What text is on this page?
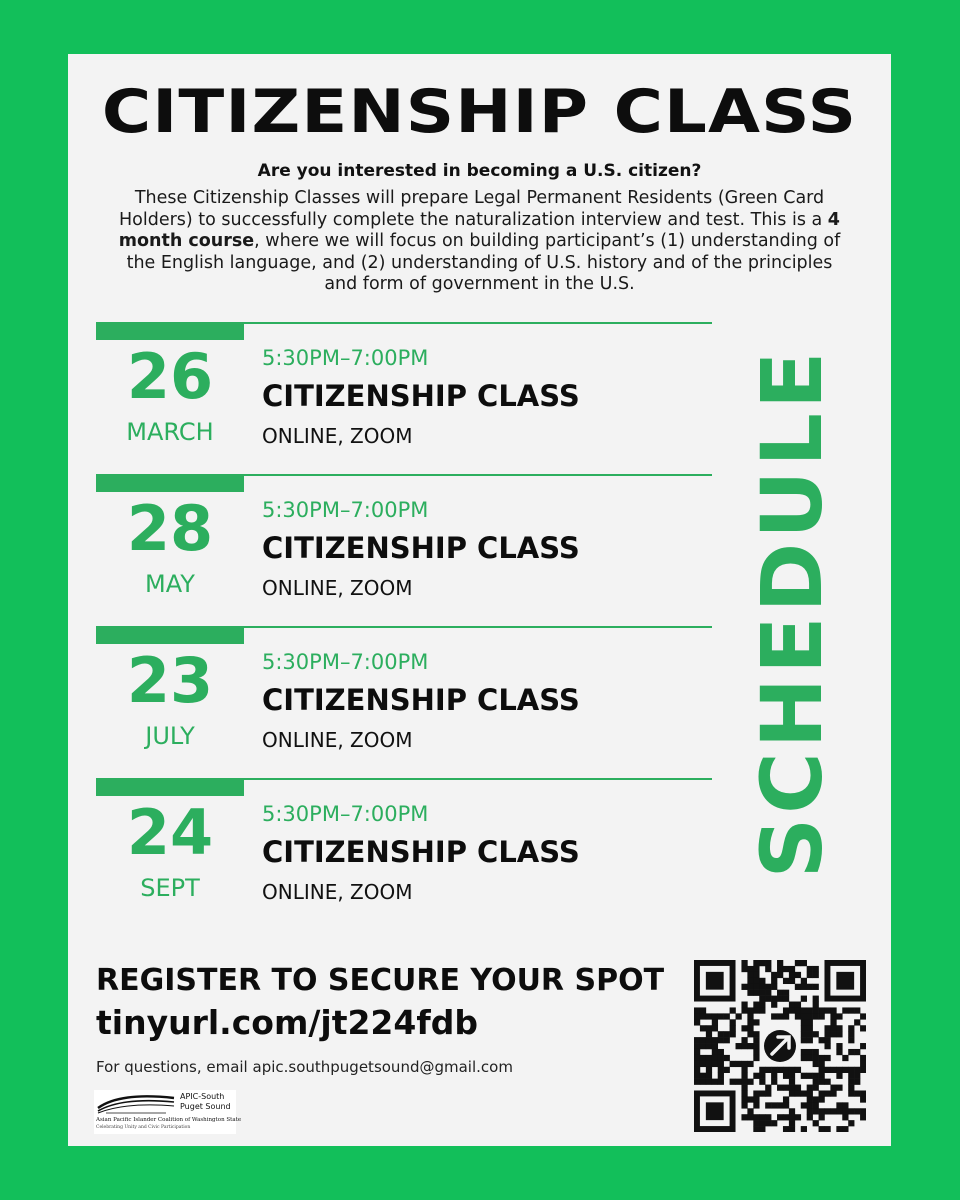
CITIZENSHIP CLASS
Are you interested in becoming a U.S. citizen?
These Citizenship Classes will prepare Legal Permanent Residents (Green Card Holders) to successfully complete the naturalization interview and test. This is a 4 month course, where we will focus on building participant’s (1) understanding of the English language, and (2) understanding of U.S. history and of the principles and form of government in the U.S.
26
MARCH
5:30PM–7:00PM
CITIZENSHIP CLASS
ONLINE, ZOOM
28
MAY
5:30PM–7:00PM
CITIZENSHIP CLASS
ONLINE, ZOOM
23
JULY
5:30PM–7:00PM
CITIZENSHIP CLASS
ONLINE, ZOOM
24
SEPT
5:30PM–7:00PM
CITIZENSHIP CLASS
ONLINE, ZOOM
SCHEDULE
REGISTER TO SECURE YOUR SPOT
tinyurl.com/jt224fdb
For questions, email apic.southpugetsound@gmail.com
APIC-South
Puget Sound
Asian Pacific Islander Coalition of Washington State
Celebrating Unity and Civic Participation
